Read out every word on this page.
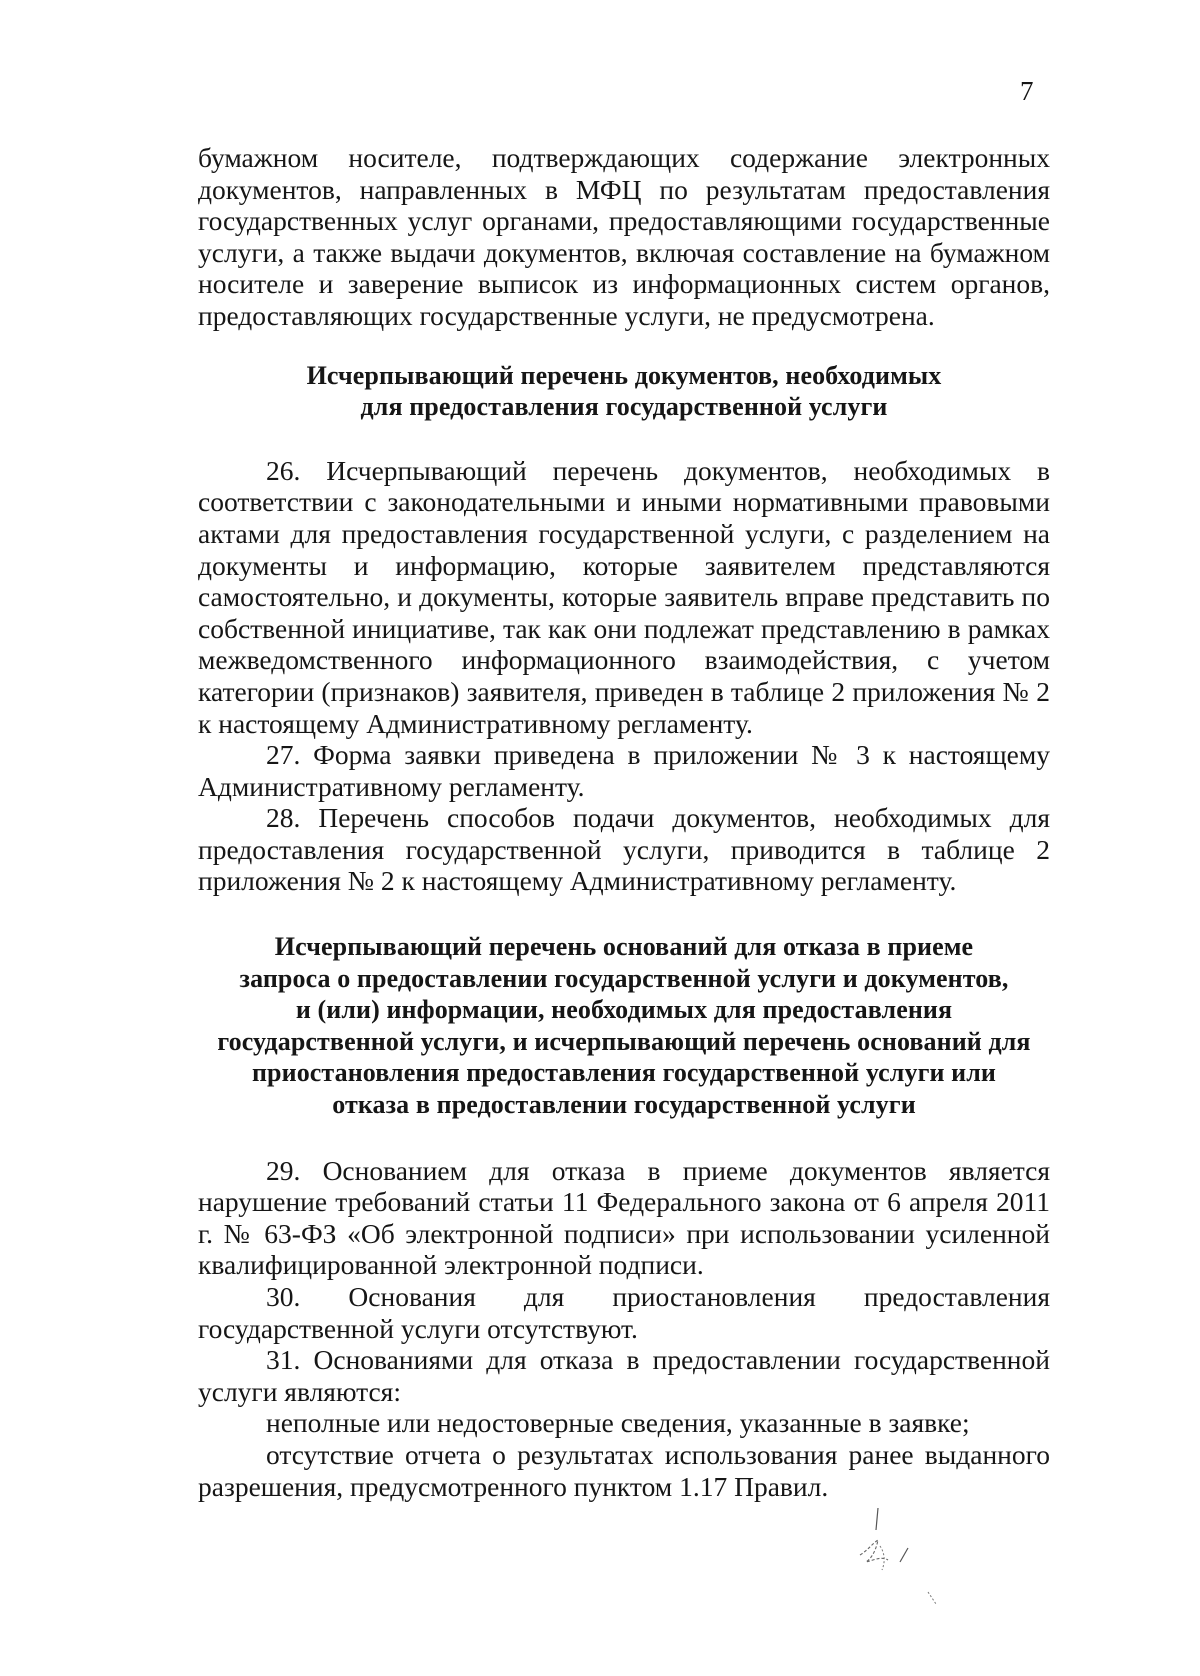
7

бумажном носителе, подтверждающих содержание электронных документов, направленных в МФЦ по результатам предоставления государственных услуг органами, предоставляющими государственные услуги, а также выдачи документов, включая составление на бумажном носителе и заверение выписок из информационных систем органов, предоставляющих государственные услуги, не предусмотрена.

Исчерпывающий перечень документов, необходимых
для предоставления государственной услуги

26. Исчерпывающий перечень документов, необходимых в соответствии с законодательными и иными нормативными правовыми актами для предоставления государственной услуги, с разделением на документы и информацию, которые заявителем представляются самостоятельно, и документы, которые заявитель вправе представить по собственной инициативе, так как они подлежат представлению в рамках межведомственного информационного взаимодействия, с учетом категории (признаков) заявителя, приведен в таблице 2 приложения № 2 к настоящему Административному регламенту.

27. Форма заявки приведена в приложении № 3 к настоящему Административному регламенту.

28. Перечень способов подачи документов, необходимых для предоставления государственной услуги, приводится в таблице 2 приложения № 2 к настоящему Административному регламенту.

Исчерпывающий перечень оснований для отказа в приеме
запроса о предоставлении государственной услуги и документов,
и (или) информации, необходимых для предоставления
государственной услуги, и исчерпывающий перечень оснований для
приостановления предоставления государственной услуги или
отказа в предоставлении государственной услуги

29. Основанием для отказа в приеме документов является нарушение требований статьи 11 Федерального закона от 6 апреля 2011 г. № 63-ФЗ «Об электронной подписи» при использовании усиленной квалифицированной электронной подписи.

30. Основания для приостановления предоставления государственной услуги отсутствуют.

31. Основаниями для отказа в предоставлении государственной услуги являются:

неполные или недостоверные сведения, указанные в заявке;

отсутствие отчета о результатах использования ранее выданного разрешения, предусмотренного пунктом 1.17 Правил.
